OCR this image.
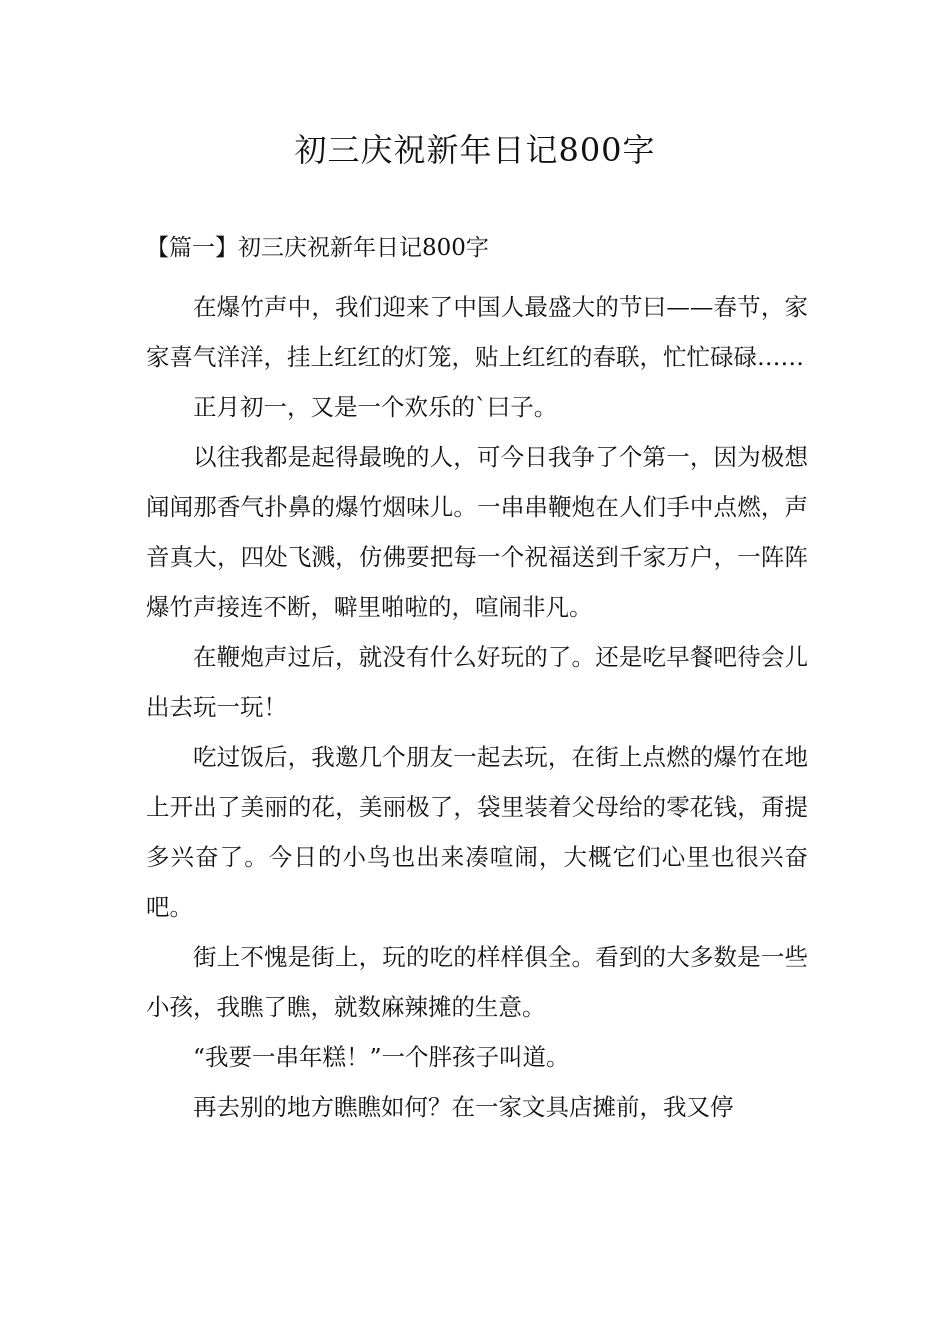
初三庆祝新年日记800字
【篇一】初三庆祝新年日记800字

在爆竹声中，我们迎来了中国人最盛大的节曰——春节，家家喜气洋洋，挂上红红的灯笼，贴上红红的春联，忙忙碌碌……

正月初一，又是一个欢乐的`曰子。

以往我都是起得最晚的人，可今日我争了个第一，因为极想闻闻那香气扑鼻的爆竹烟味儿。一串串鞭炮在人们手中点燃，声音真大，四处飞溅，仿佛要把每一个祝福送到千家万户，一阵阵爆竹声接连不断，噼里啪啦的，喧闹非凡。

在鞭炮声过后，就没有什么好玩的了。还是吃早餐吧待会儿出去玩一玩！

吃过饭后，我邀几个朋友一起去玩，在街上点燃的爆竹在地上开出了美丽的花，美丽极了，袋里装着父母给的零花钱，甭提多兴奋了。今日的小鸟也出来凑喧闹，大概它们心里也很兴奋吧。

街上不愧是街上，玩的吃的样样俱全。看到的大多数是一些小孩，我瞧了瞧，就数麻辣摊的生意。

“我要一串年糕！”一个胖孩子叫道。

再去别的地方瞧瞧如何？在一家文具店摊前，我又停
